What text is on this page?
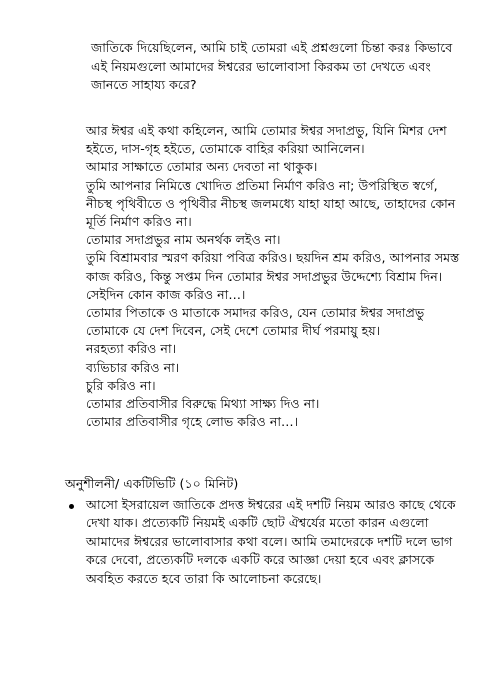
জাতিকে দিয়েছিলেন, আমি চাই তোমরা এই প্রশ্নগুলো চিন্তা করঃ কিভাবে এই নিয়মগুলো আমাদের ঈশ্বরের ভালোবাসা কিরকম তা দেখতে এবং জানতে সাহায্য করে?

আর ঈশ্বর এই কথা কহিলেন, আমি তোমার ঈশ্বর সদাপ্রভু, যিনি মিশর দেশ হইতে, দাস-গৃহ হইতে, তোমাকে বাহির করিয়া আনিলেন।

আমার সাক্ষাতে তোমার অন্য দেবতা না থাকুক।

তুমি আপনার নিমিত্তে খোদিত প্রতিমা নির্মাণ করিও না; উপরিস্থিত স্বর্গে, নীচস্থ পৃথিবীতে ও পৃথিবীর নীচস্থ জলমধ্যে যাহা যাহা আছে, তাহাদের কোন মূর্তি নির্মাণ করিও না।

তোমার সদাপ্রভুর নাম অনর্থক লইও না।

তুমি বিশ্রামবার স্মরণ করিয়া পবিত্র করিও। ছয়দিন শ্রম করিও, আপনার সমস্ত কাজ করিও, কিন্তু সপ্তম দিন তোমার ঈশ্বর সদাপ্রভুর উদ্দেশ্যে বিশ্রাম দিন। সেইদিন কোন কাজ করিও না…।

তোমার পিতাকে ও মাতাকে সমাদর করিও, যেন তোমার ঈশ্বর সদাপ্রভু তোমাকে যে দেশ দিবেন, সেই দেশে তোমার দীর্ঘ পরমায়ু হয়।

নরহত্যা করিও না।

ব্যভিচার করিও না।

চুরি করিও না।

তোমার প্রতিবাসীর বিরুদ্ধে মিথ্যা সাক্ষ্য দিও না।

তোমার প্রতিবাসীর গৃহে লোভ করিও না…।

অনুশীলনী/ একটিভিটি (১০ মিনিট)

আসো ইসরায়েল জাতিকে প্রদত্ত ঈশ্বরের এই দশটি নিয়ম আরও কাছে থেকে দেখা যাক। প্রত্যেকটি নিয়মই একটি ছোট ঐশ্বর্যের মতো কারন এগুলো আমাদের ঈশ্বরের ভালোবাসার কথা বলে। আমি তমাদেরকে দশটি দলে ভাগ করে দেবো, প্রত্যেকটি দলকে একটি করে আজ্ঞা দেয়া হবে এবং ক্লাসকে অবহিত করতে হবে তারা কি আলোচনা করেছে।
